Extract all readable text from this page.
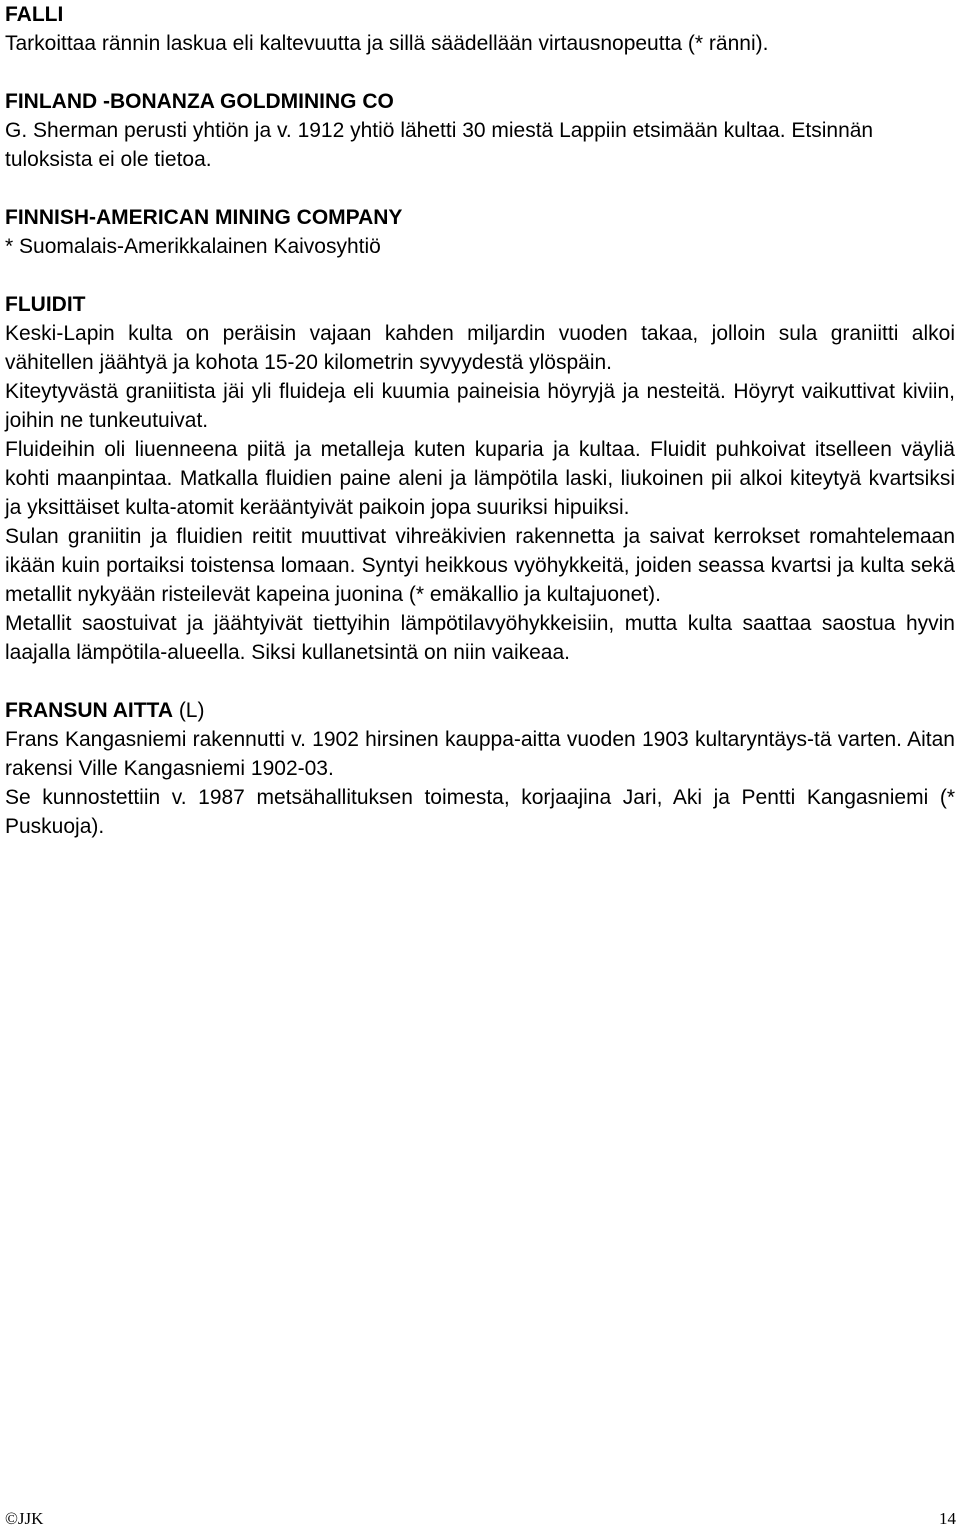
FALLI
Tarkoittaa rännin laskua eli kaltevuutta ja sillä säädellään virtausnopeutta (* ränni).
FINLAND -BONANZA GOLDMINING CO
G. Sherman perusti yhtiön ja v. 1912 yhtiö lähetti 30 miestä Lappiin etsimään kultaa. Etsinnän tuloksista ei ole tietoa.
FINNISH-AMERICAN MINING COMPANY
* Suomalais-Amerikkalainen Kaivosyhtiö
FLUIDIT
Keski-Lapin kulta on peräisin vajaan kahden miljardin vuoden takaa, jolloin sula graniitti alkoi vähitellen jäähtyä ja kohota 15-20 kilometrin syvyydestä ylöspäin.
Kiteytyvästä graniitista jäi yli fluideja eli kuumia paineisia höyryjä ja nesteitä. Höyryt vaikuttivat kiviin, joihin ne tunkeutuivat.
Fluideihin oli liuenneena piitä ja metalleja kuten kuparia ja kultaa. Fluidit puhkoivat itselleen väyliä kohti maanpintaa. Matkalla fluidien paine aleni ja lämpötila laski, liukoinen pii alkoi kiteytyä kvartsiksi ja yksittäiset kulta-atomit kerääntyivät paikoin jopa suuriksi hipuiksi.
Sulan graniitin ja fluidien reitit muuttivat vihreäkivien rakennetta ja saivat kerrokset romahtelemaan ikään kuin portaiksi toistensa lomaan. Syntyi heikkous vyöhykkeitä, joiden seassa kvartsi ja kulta sekä metallit nykyään risteilevät kapeina juonina (* emäkallio ja kultajuonet).
Metallit saostuivat ja jäähtyivät tiettyihin lämpötilavyöhykkeisiin, mutta kulta saattaa saostua hyvin laajalla lämpötila-alueella. Siksi kullanetsintä on niin vaikeaa.
FRANSUN AITTA (L)
Frans Kangasniemi rakennutti v. 1902 hirsinen kauppa-aitta vuoden 1903 kultaryntäys-tä varten. Aitan rakensi Ville Kangasniemi 1902-03.
Se kunnostettiin v. 1987 metsähallituksen toimesta, korjaajina Jari, Aki ja Pentti Kangasniemi (* Puskuoja).
©JJK	14
